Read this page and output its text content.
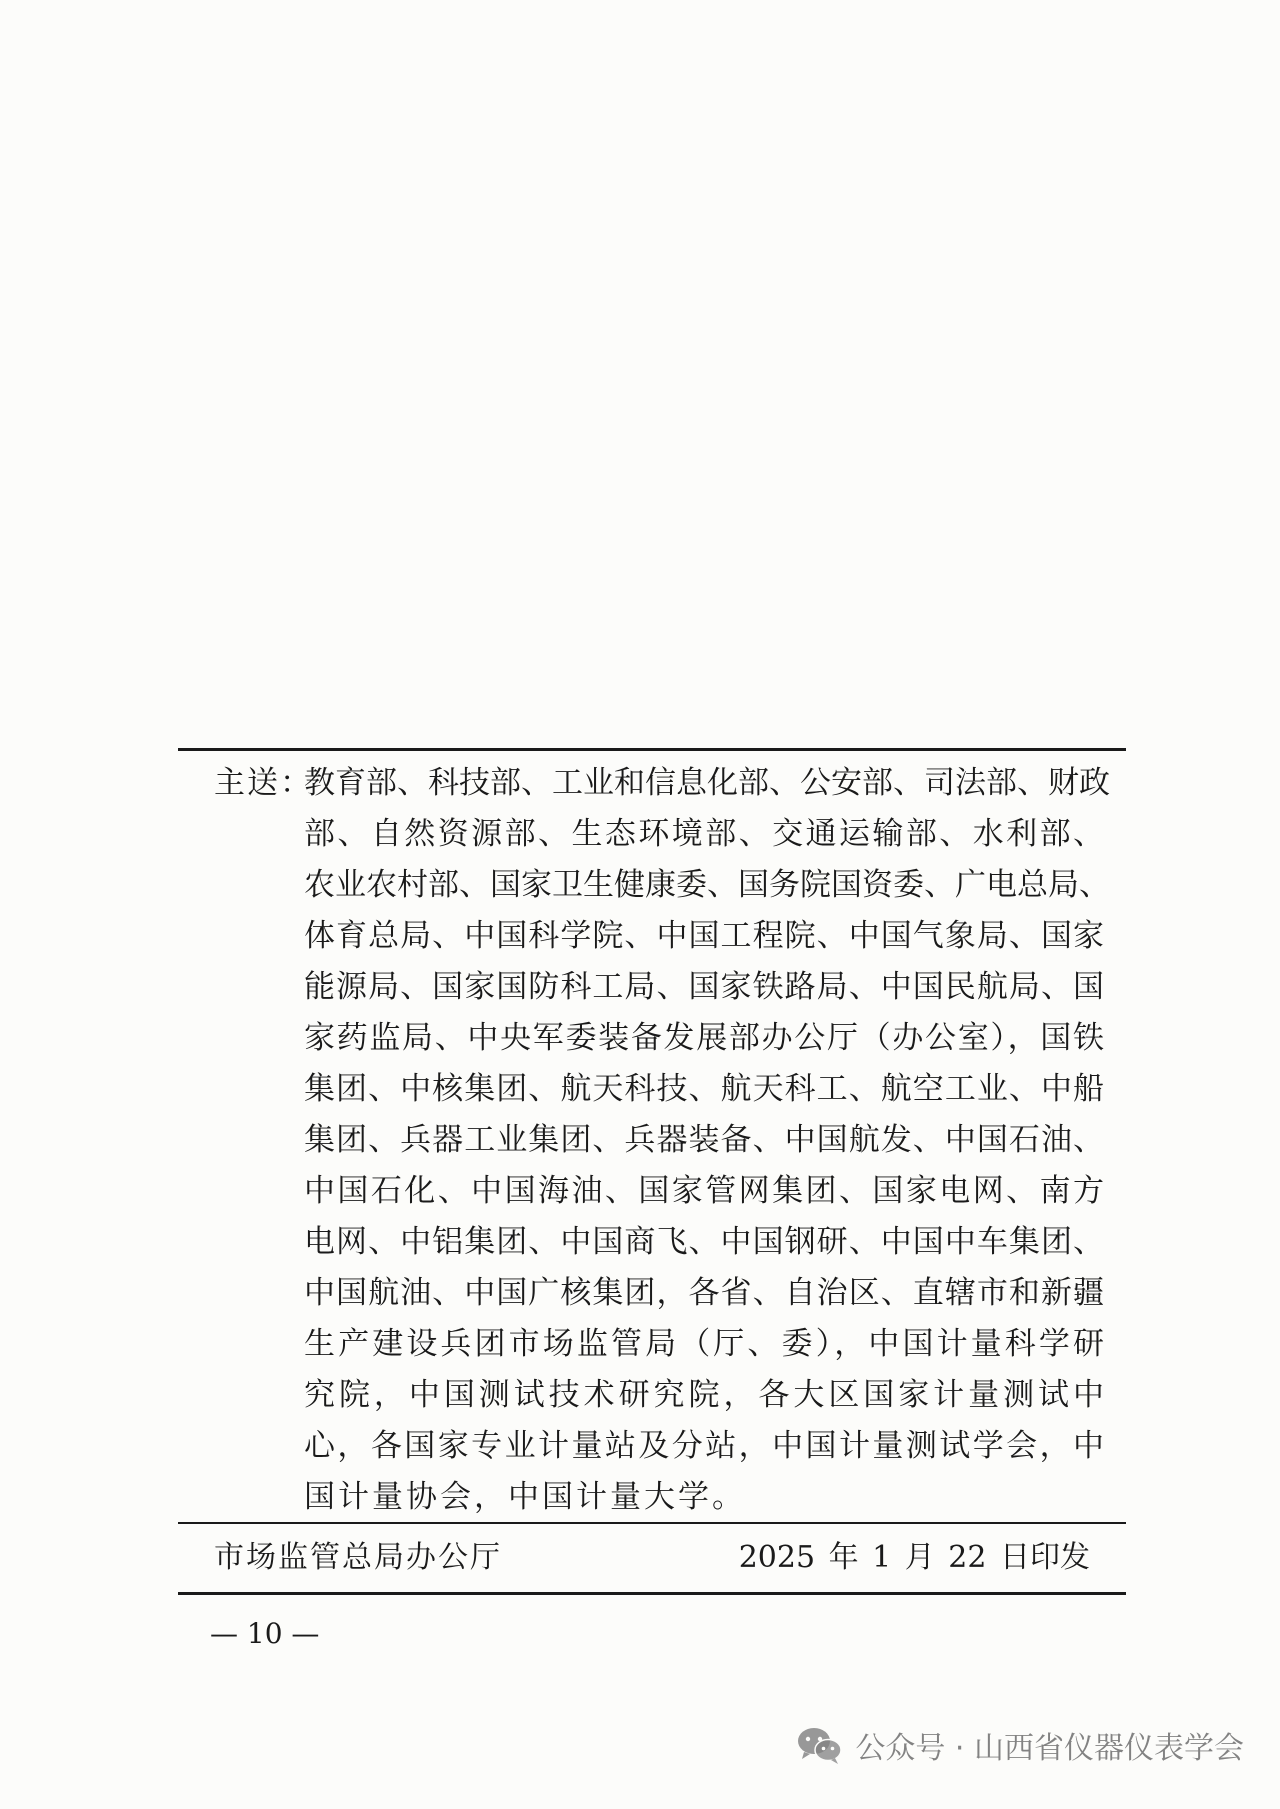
主送：
教育部、科技部、工业和信息化部、公安部、司法部、财政
部、自然资源部、生态环境部、交通运输部、水利部、
农业农村部、国家卫生健康委、国务院国资委、广电总局、
体育总局、中国科学院、中国工程院、中国气象局、国家
能源局、国家国防科工局、国家铁路局、中国民航局、国
家药监局、中央军委装备发展部办公厅（办公室），国铁
集团、中核集团、航天科技、航天科工、航空工业、中船
集团、兵器工业集团、兵器装备、中国航发、中国石油、
中国石化、中国海油、国家管网集团、国家电网、南方
电网、中铝集团、中国商飞、中国钢研、中国中车集团、
中国航油、中国广核集团，各省、自治区、直辖市和新疆
生产建设兵团市场监管局（厅、委），中国计量科学研
究院，中国测试技术研究院，各大区国家计量测试中
心，各国家专业计量站及分站，中国计量测试学会，中
国计量协会，中国计量大学。
市场监管总局办公厅	2025 年 1 月 22 日印发
— 10 —
公众号 · 山西省仪器仪表学会
